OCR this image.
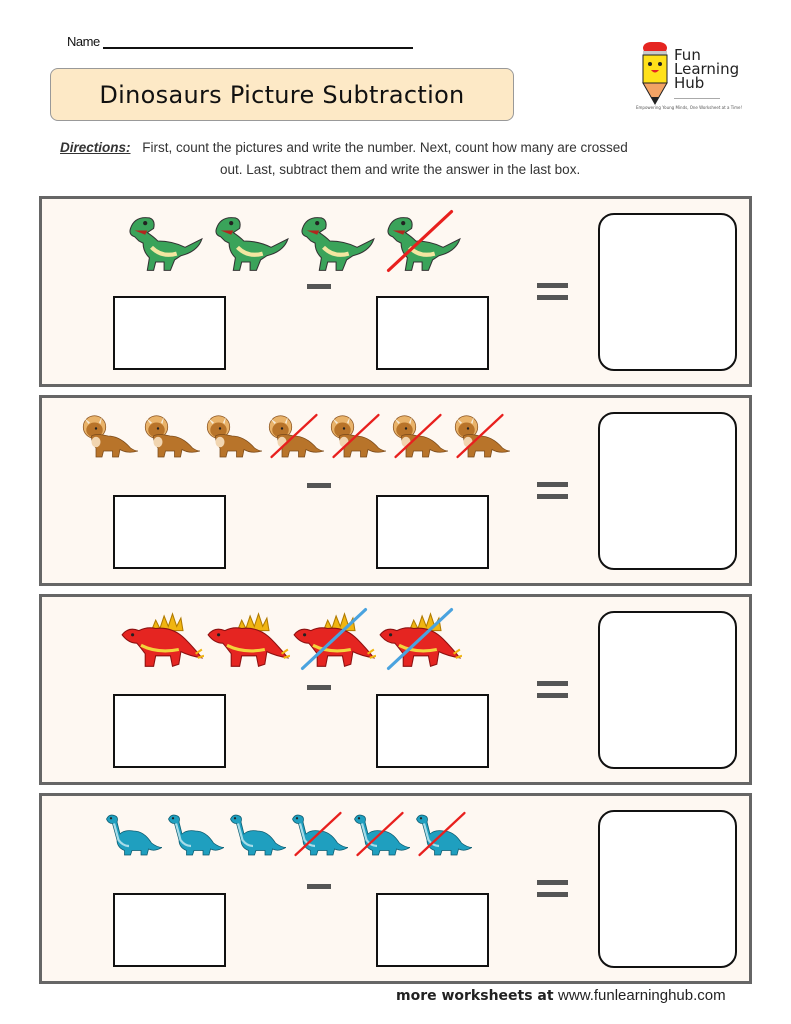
Name
Dinosaurs Picture Subtraction
Fun
Learning
Hub
Empowering Young Minds, One Worksheet at a Time!
Directions: First, count the pictures and write the number. Next, count how many are crossed
out. Last, subtract them and write the answer in the last box.
more worksheets at www.funlearninghub.com
